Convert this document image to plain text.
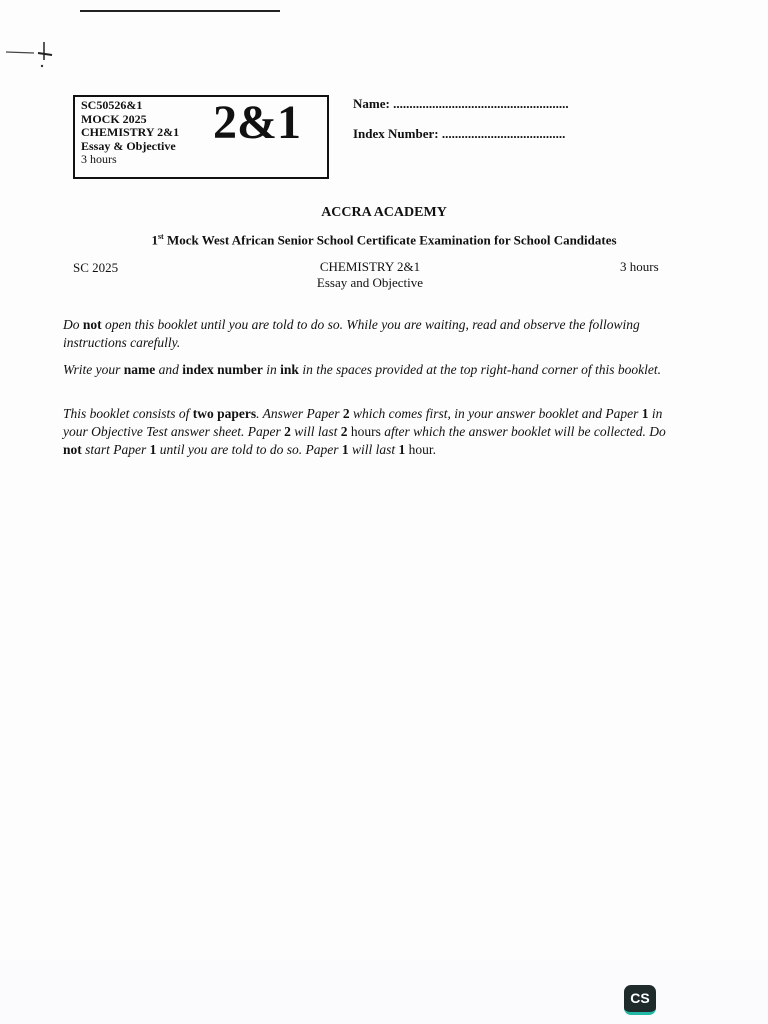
SC50526&1
MOCK 2025
CHEMISTRY 2&1
Essay & Objective
3 hours
2&1	Name: ......................................................
Index Number: ......................................
ACCRA ACADEMY
1st Mock West African Senior School Certificate Examination for School Candidates
SC 2025	CHEMISTRY 2&1
Essay and Objective
3 hours
Do not open this booklet until you are told to do so. While you are waiting, read and observe the following instructions carefully.
Write your name and index number in ink in the spaces provided at the top right-hand corner of this booklet.
This booklet consists of two papers. Answer Paper 2 which comes first, in your answer booklet and Paper 1 in your Objective Test answer sheet. Paper 2 will last 2 hours after which the answer booklet will be collected. Do not start Paper 1 until you are told to do so. Paper 1 will last 1 hour.
CS
